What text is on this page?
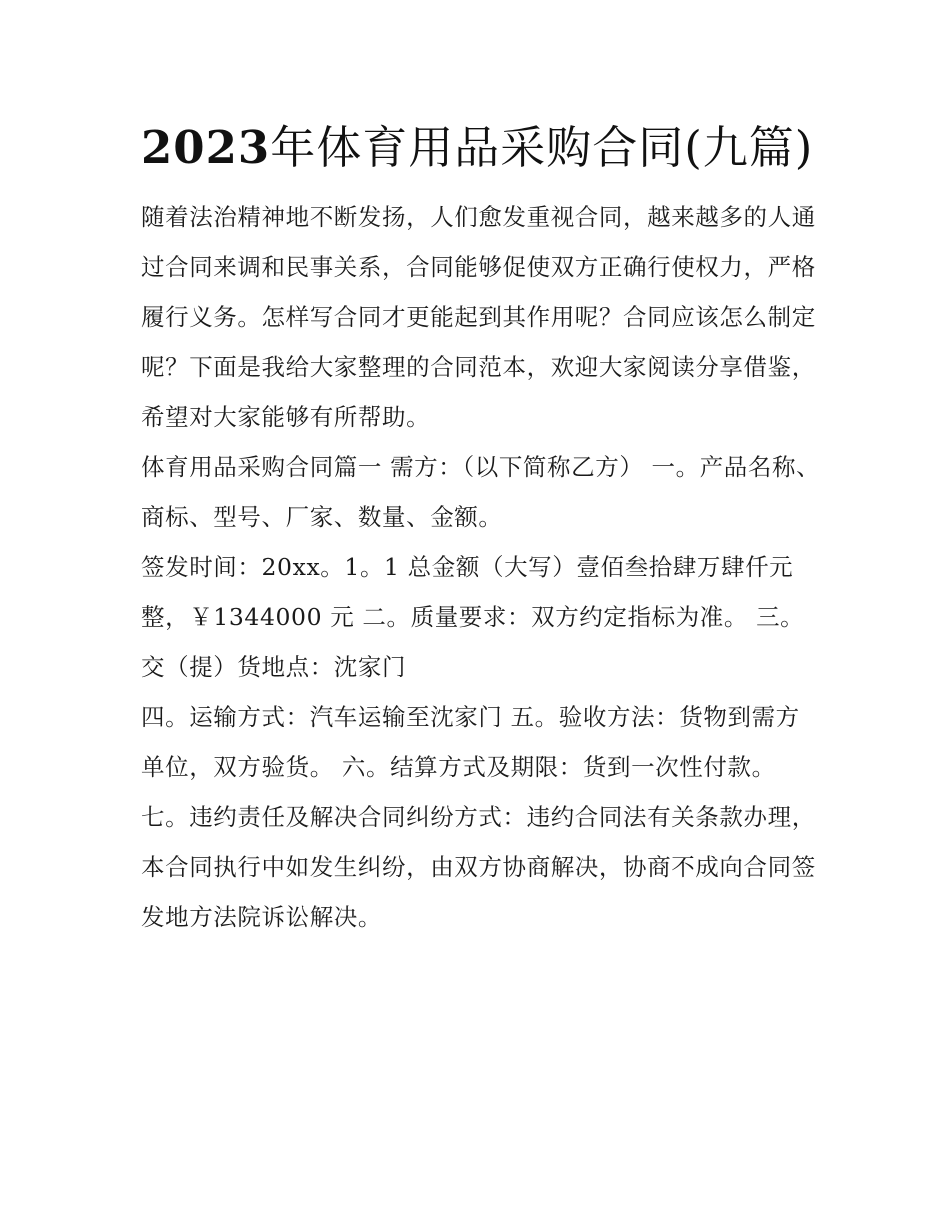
2023年体育用品采购合同(九篇)

随着法治精神地不断发扬，人们愈发重视合同，越来越多的人通过合同来调和民事关系，合同能够促使双方正确行使权力，严格履行义务。怎样写合同才更能起到其作用呢？合同应该怎么制定呢？下面是我给大家整理的合同范本，欢迎大家阅读分享借鉴，希望对大家能够有所帮助。

体育用品采购合同篇一 需方：（以下简称乙方） 一。产品名称、商标、型号、厂家、数量、金额。

签发时间：20xx。1。1 总金额（大写）壹佰叁拾肆万肆仟元整，￥1344000 元 二。质量要求：双方约定指标为准。 三。交（提）货地点：沈家门

四。运输方式：汽车运输至沈家门 五。验收方法：货物到需方单位，双方验货。 六。结算方式及期限：货到一次性付款。

七。违约责任及解决合同纠纷方式：违约合同法有关条款办理，本合同执行中如发生纠纷，由双方协商解决，协商不成向合同签发地方法院诉讼解决。
